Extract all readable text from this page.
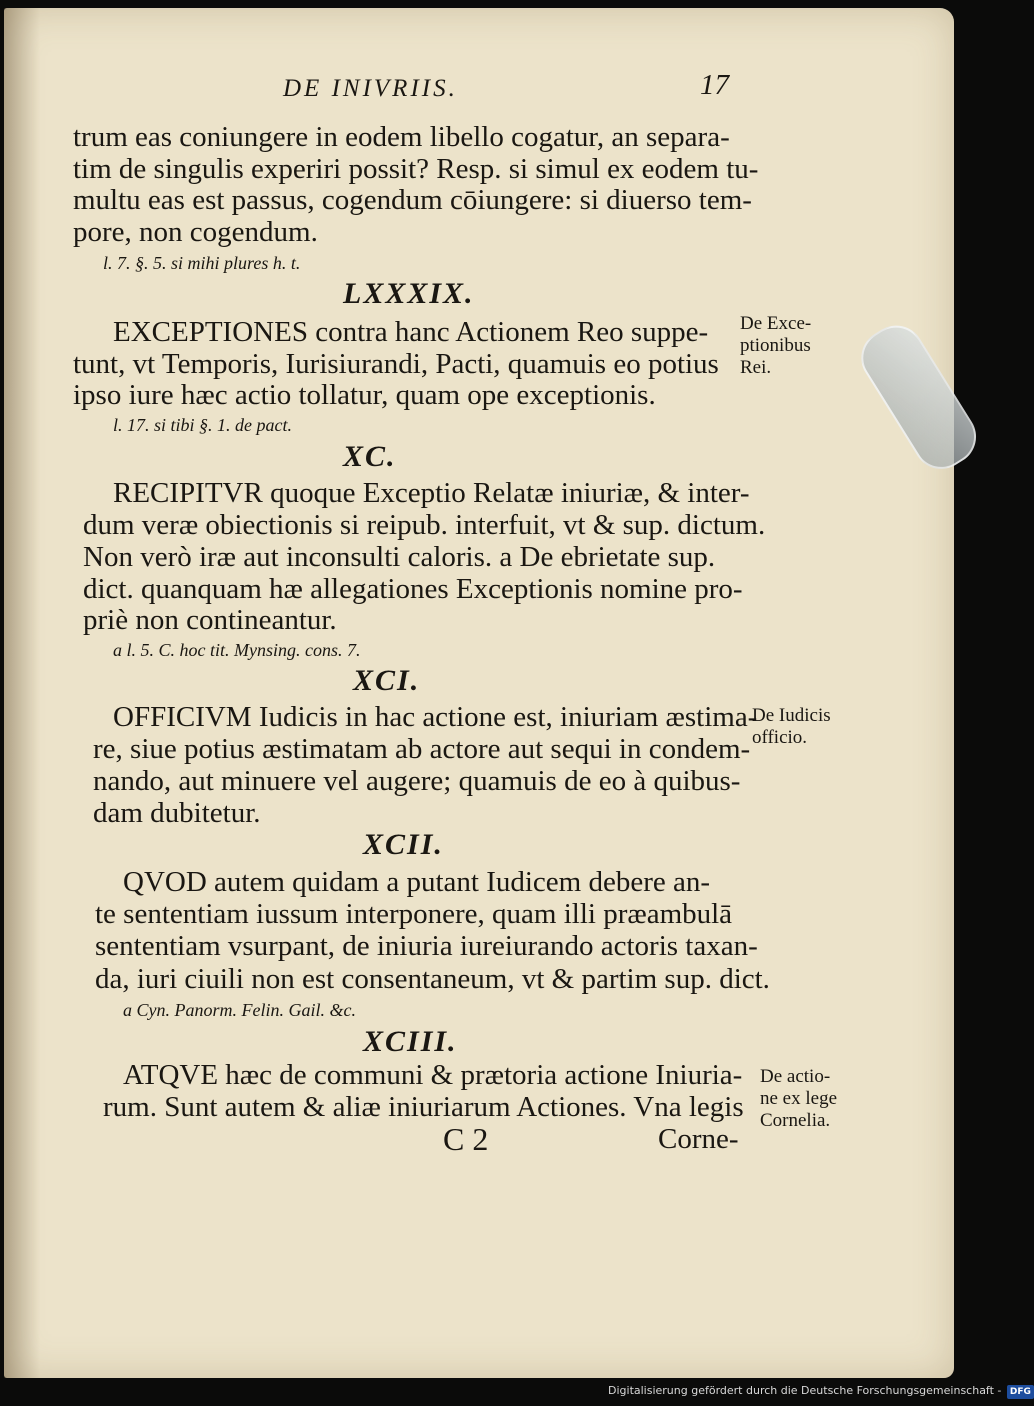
DE INIVRIIS.	17
trum eas coniungere in eodem libello cogatur, an separa-
tim de singulis experiri possit? Resp. si simul ex eodem tu-
multu eas est passus, cogendum cōiungere: si diuerso tem-
pore, non cogendum.
l. 7. §. 5. si mihi plures h. t.
LXXXIX.
EXCEPTIONES contra hanc Actionem Reo suppe-
tunt, vt Temporis, Iurisiurandi, Pacti, quamuis eo potius
ipso iure hæc actio tollatur, quam ope exceptionis.
l. 17. si tibi §. 1. de pact.
XC.
RECIPITVR quoque Exceptio Relatæ iniuriæ, & inter-
dum veræ obiectionis si reipub. interfuit, vt & sup. dictum.
Non verò iræ aut inconsulti caloris. a De ebrietate sup.
dict. quanquam hæ allegationes Exceptionis nomine pro-
priè non contineantur.
a l. 5. C. hoc tit. Mynsing. cons. 7.
XCI.
OFFICIVM Iudicis in hac actione est, iniuriam æstima-
re, siue potius æstimatam ab actore aut sequi in condem-
nando, aut minuere vel augere; quamuis de eo à quibus-
dam dubitetur.
XCII.
QVOD autem quidam a putant Iudicem debere an-
te sententiam iussum interponere, quam illi præambulā
sententiam vsurpant, de iniuria iureiurando actoris taxan-
da, iuri ciuili non est consentaneum, vt & partim sup. dict.
a Cyn. Panorm. Felin. Gail. &c.
XCIII.
ATQVE hæc de communi & prætoria actione Iniuria-
rum. Sunt autem & aliæ iniuriarum Actiones. Vna legis
C 2	Corne-
De Exce-
ptionibus
Rei.
De Iudicis
officio.
De actio-
ne ex lege
Cornelia.
Digitalisierung gefördert durch die Deutsche Forschungsgemeinschaft - DFG
